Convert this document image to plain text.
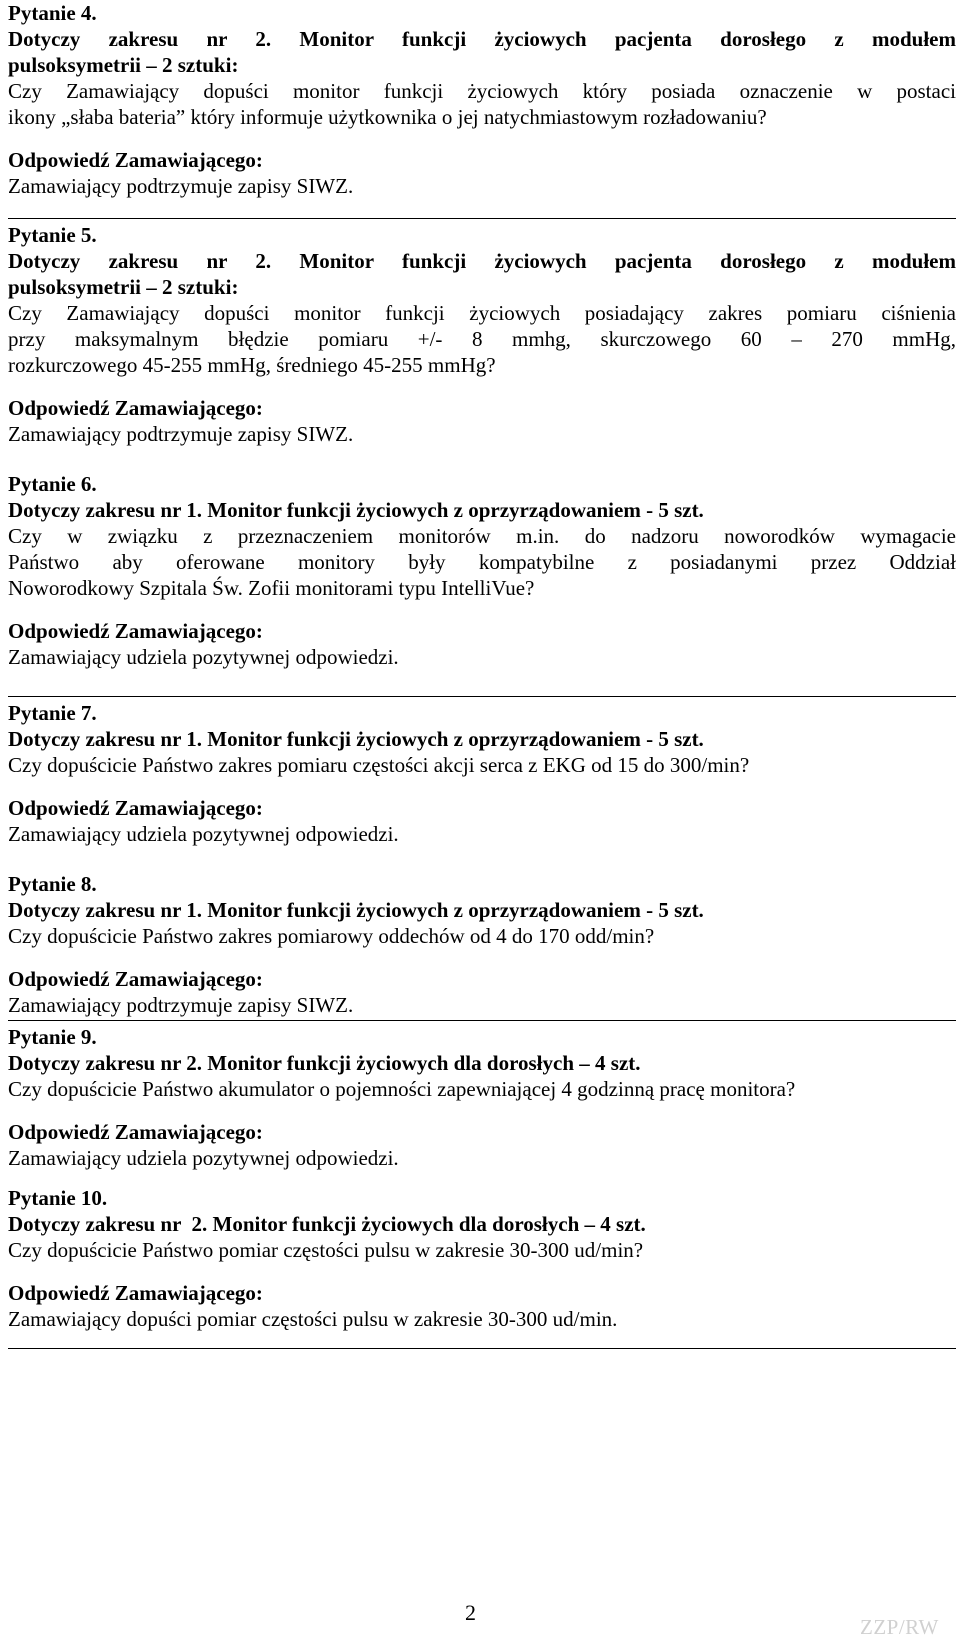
Pytanie 4.
Dotyczy zakresu nr 2. Monitor funkcji życiowych pacjenta dorosłego z modułem
pulsoksymetrii – 2 sztuki:
Czy Zamawiający dopuści monitor funkcji życiowych który posiada oznaczenie w postaci
ikony „słaba bateria” który informuje użytkownika o jej natychmiastowym rozładowaniu?
Odpowiedź Zamawiającego:
Zamawiający podtrzymuje zapisy SIWZ.
Pytanie 5.
Dotyczy zakresu nr 2. Monitor funkcji życiowych pacjenta dorosłego z modułem
pulsoksymetrii – 2 sztuki:
Czy Zamawiający dopuści monitor funkcji życiowych posiadający zakres pomiaru ciśnienia
przy maksymalnym błędzie pomiaru +/- 8 mmhg, skurczowego 60 – 270 mmHg,
rozkurczowego 45-255 mmHg, średniego 45-255 mmHg?
Odpowiedź Zamawiającego:
Zamawiający podtrzymuje zapisy SIWZ.
Pytanie 6.
Dotyczy zakresu nr 1. Monitor funkcji życiowych z oprzyrządowaniem - 5 szt.
Czy w związku z przeznaczeniem monitorów m.in. do nadzoru noworodków wymagacie
Państwo aby oferowane monitory były kompatybilne z posiadanymi przez Oddział
Noworodkowy Szpitala Św. Zofii monitorami typu IntelliVue?
Odpowiedź Zamawiającego:
Zamawiający udziela pozytywnej odpowiedzi.
Pytanie 7.
Dotyczy zakresu nr 1. Monitor funkcji życiowych z oprzyrządowaniem - 5 szt.
Czy dopuścicie Państwo zakres pomiaru częstości akcji serca z EKG od 15 do 300/min?
Odpowiedź Zamawiającego:
Zamawiający udziela pozytywnej odpowiedzi.
Pytanie 8.
Dotyczy zakresu nr 1. Monitor funkcji życiowych z oprzyrządowaniem - 5 szt.
Czy dopuścicie Państwo zakres pomiarowy oddechów od 4 do 170 odd/min?
Odpowiedź Zamawiającego:
Zamawiający podtrzymuje zapisy SIWZ.
Pytanie 9.
Dotyczy zakresu nr 2. Monitor funkcji życiowych dla dorosłych – 4 szt.
Czy dopuścicie Państwo akumulator o pojemności zapewniającej 4 godzinną pracę monitora?
Odpowiedź Zamawiającego:
Zamawiający udziela pozytywnej odpowiedzi.
Pytanie 10.
Dotyczy zakresu nr  2. Monitor funkcji życiowych dla dorosłych – 4 szt.
Czy dopuścicie Państwo pomiar częstości pulsu w zakresie 30-300 ud/min?
Odpowiedź Zamawiającego:
Zamawiający dopuści pomiar częstości pulsu w zakresie 30-300 ud/min.
2
ZZP/RW
